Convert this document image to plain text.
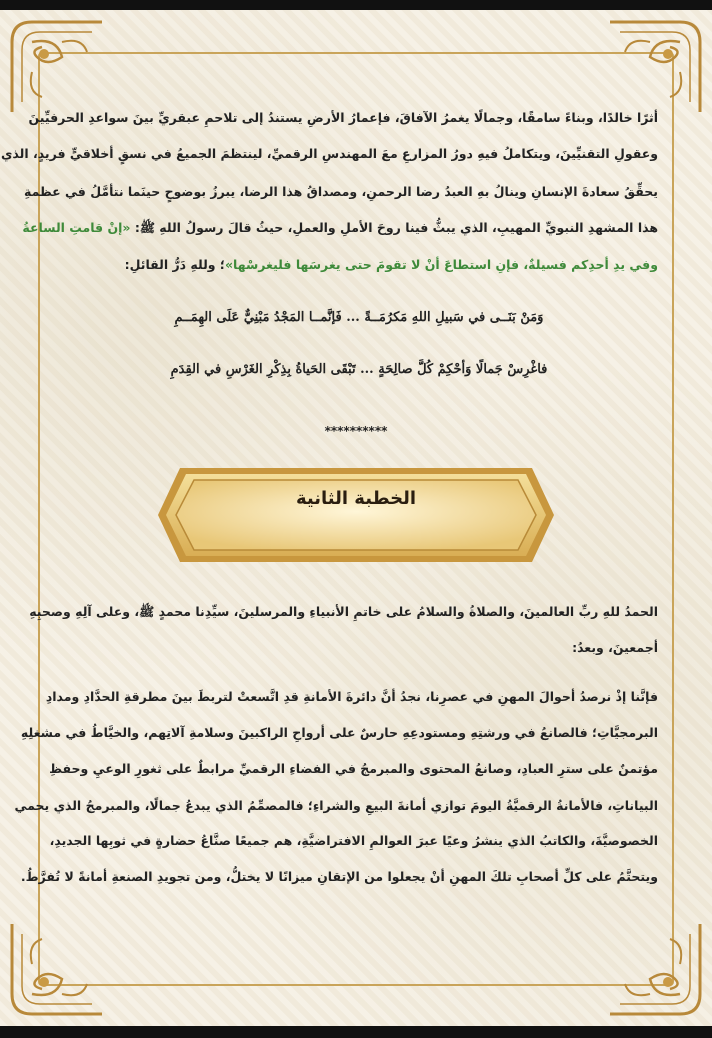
أثرًا خالدًا، وبناءً سامقًا، وجمالًا يغمرُ الآفاقَ، فإعمارُ الأرضِ يستندُ إلى تلاحمِ عبقريِّ بينَ سواعدِ الحرفيِّينَ
وعقولِ التقنيِّينَ، ويتكاملُ فيهِ دورُ المزارعِ معَ المهندسِ الرقميِّ، لينتظمَ الجميعُ في نسقٍ أخلاقيٍّ فريدٍ، الذي
يحقِّقُ سعادةَ الإنسانِ وينالُ بهِ العبدُ رضا الرحمنِ، ومصداقُ هذا الرضا، يبرزُ بوضوحٍ حينَما نتأمَّلُ في عظمةِ
هذا المشهدِ النبويِّ المهيبِ، الذي يبثُّ فينا روحَ الأملِ والعملِ، حيثُ قالَ رسولُ اللهِ ﷺ: «إنْ قامتِ الساعةُ
وفي يدِ أحدِكم فسيلةٌ، فإنِ استطاعَ أنْ لا تقومَ حتى يغرسَها فليغرسْها»؛ وللهِ دَرُّ القائلِ:
وَمَنْ بَنَــى في سَبيلِ اللهِ مَكرُمَــةً ... فَإنَّمــا المَجْدُ مَبْنِيٌّ عَلَى الهِمَــمِ
فاغْرِسْ جَمالًا وَأحْكِمْ كُلَّ صالِحَةٍ ... تَبْقَى الحَياةُ بِذِكْرِ الغَرْسِ في القِدَمِ
**********
الخطبة الثانية
الحمدُ للهِ ربِّ العالمينَ، والصلاةُ والسلامُ على خاتمِ الأنبياءِ والمرسلينَ، سيِّدِنا محمدٍ ﷺ، وعلى آلِهِ وصحبِهِ
أجمعينَ، وبعدُ:
فإنَّنا إذْ نرصدُ أحوالَ المهنِ في عصرِنا، نجدُ أنَّ دائرةَ الأمانةِ قدِ اتَّسعتْ لتربطَ بينَ مطرقةِ الحدَّادِ ومدادِ
البرمجيَّاتِ؛ فالصانعُ في ورشتِهِ ومستودعِهِ حارسٌ على أرواحِ الراكبينَ وسلامةِ آلاتِهم، والخيَّاطُ في مشغلِهِ
مؤتمنٌ على سترِ العبادِ، وصانعُ المحتوى والمبرمجُ في الفضاءِ الرقميِّ مرابطٌ على ثغورِ الوعيِ وحفظِ
البياناتِ، فالأمانةُ الرقميَّةُ اليومَ توازي أمانةَ البيعِ والشراءِ؛ فالمصمِّمُ الذي يبدعُ جمالًا، والمبرمجُ الذي يحمي
الخصوصيَّةَ، والكاتبُ الذي ينشرُ وعيًا عبرَ العوالمِ الافتراضيَّةِ، هم جميعًا صنَّاعُ حضارةٍ في ثوبِها الجديدِ،
ويتحتَّمُ على كلِّ أصحابِ تلكَ المهنِ أنْ يجعلوا من الإتقانِ ميزانًا لا يختلُّ، ومن تجويدِ الصنعةِ أمانةً لا تُفرَّطُ.
